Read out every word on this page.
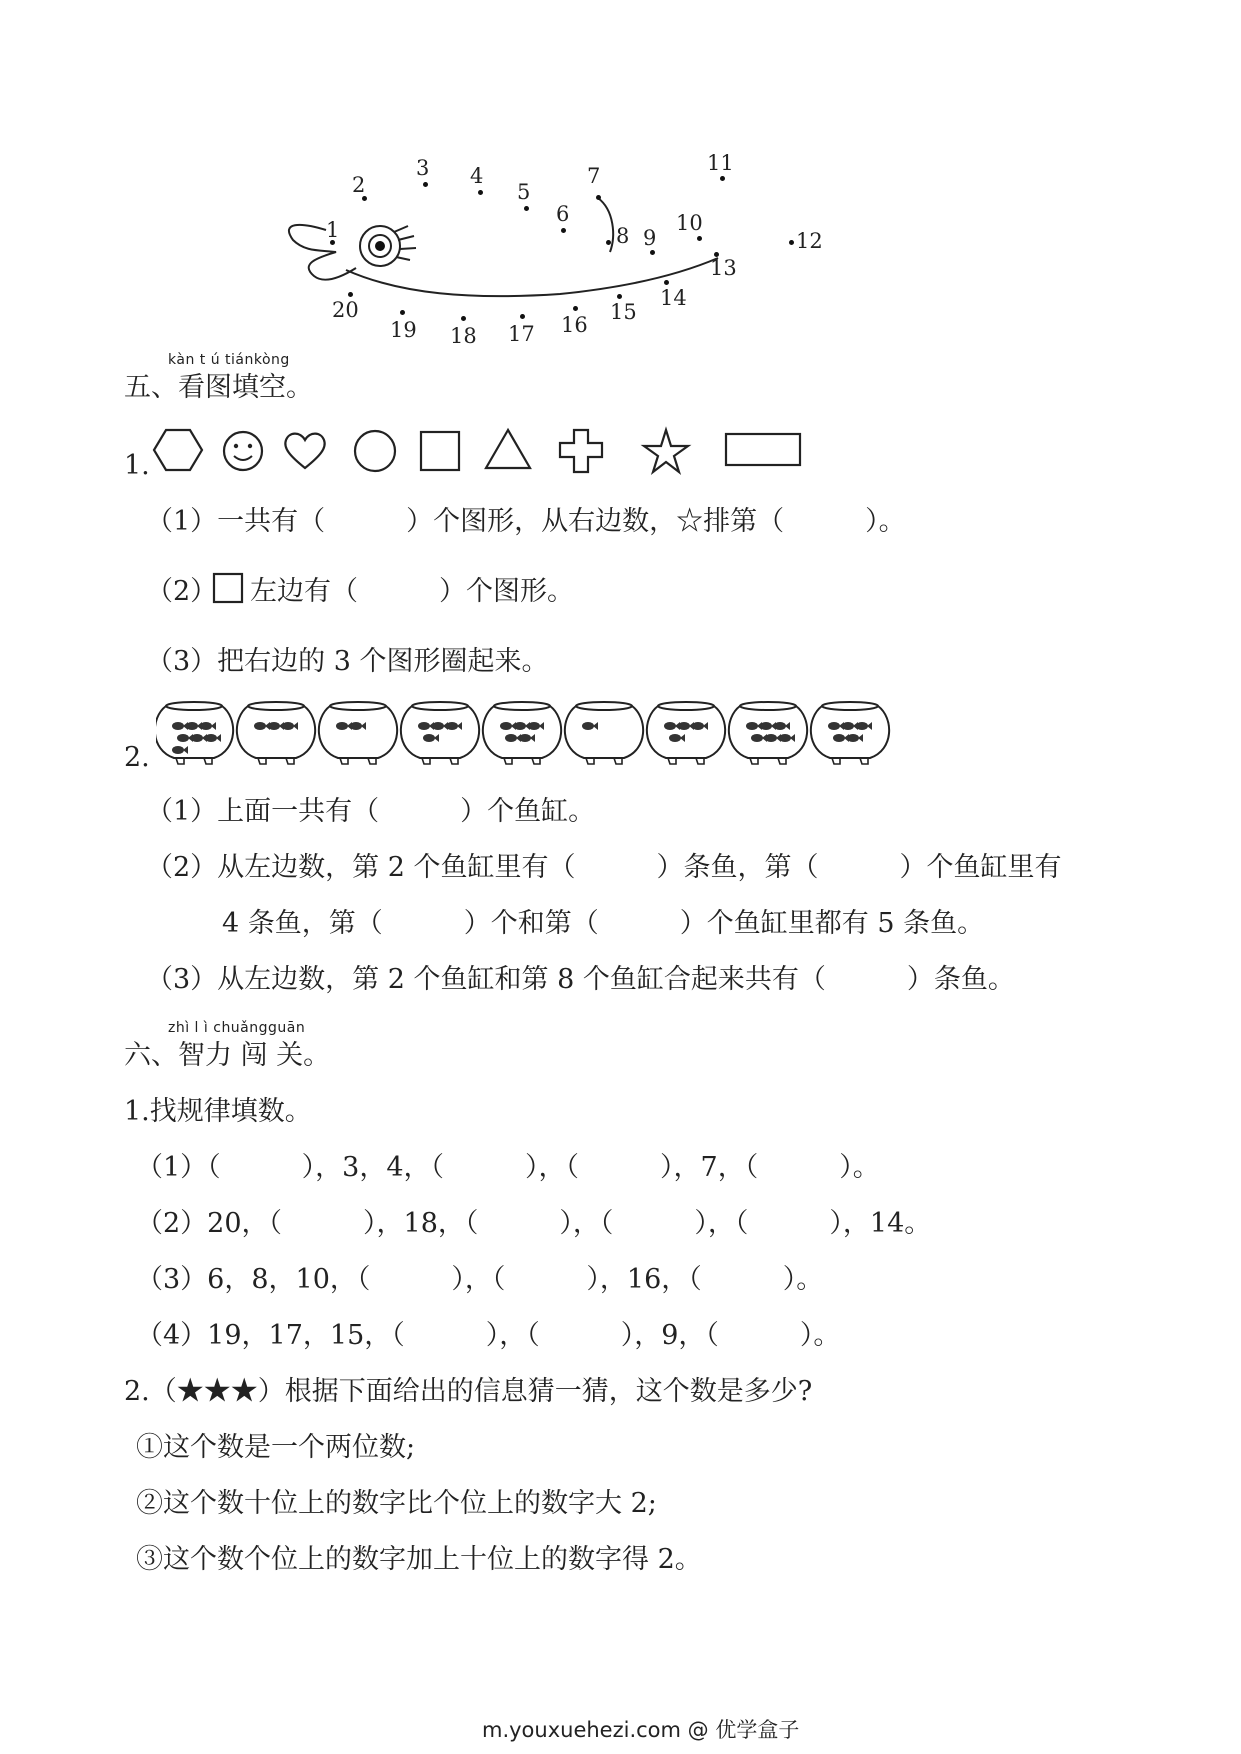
1
2
3 4
5
6
7
8 9
10
11
12
13
14
15
16
17
18
19
20
kàn t ú tiánkòng
五、看图填空。
1.
（1）一共有（　　　）个图形，从右边数，☆排第（　　　）。
（2） 左边有（　　　）个图形。
（3）把右边的 3 个图形圈起来。
2.
（1）上面一共有（　　　）个鱼缸。
（2）从左边数，第 2 个鱼缸里有（　　　）条鱼，第（　　　）个鱼缸里有
4 条鱼，第（　　　）个和第（　　　）个鱼缸里都有 5 条鱼。
（3）从左边数，第 2 个鱼缸和第 8 个鱼缸合起来共有（　　　）条鱼。
zhì l ì chuǎngguān
六、智力 闯 关。
1.找规律填数。
（1）（　　　），3，4，（　　　），（　　　），7，（　　　）。
（2）20，（　　　），18，（　　　），（　　　），（　　　），14。
（3）6，8，10，（　　　），（　　　），16，（　　　）。
（4）19，17，15，（　　　），（　　　），9，（　　　）。
2.（★★★）根据下面给出的信息猜一猜，这个数是多少?
①这个数是一个两位数;
②这个数十位上的数字比个位上的数字大 2;
③这个数个位上的数字加上十位上的数字得 2。
m.youxuehezi.com @ 优学盒子
